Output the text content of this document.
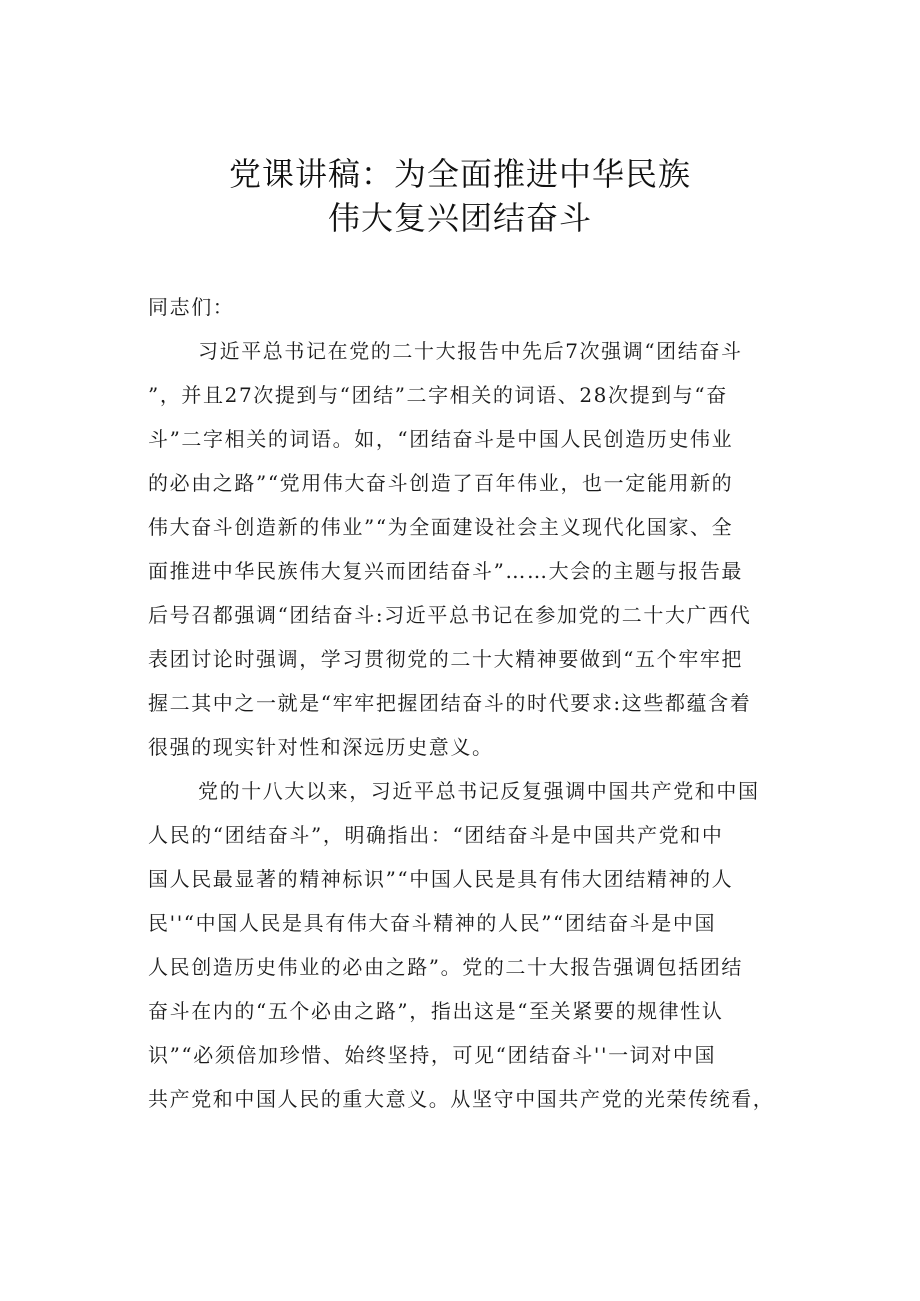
党课讲稿：为全面推进中华民族
伟大复兴团结奋斗
同志们：
习近平总书记在党的二十大报告中先后7次强调“团结奋斗
”，并且27次提到与“团结”二字相关的词语、28次提到与“奋
斗”二字相关的词语。如，“团结奋斗是中国人民创造历史伟业
的必由之路”“党用伟大奋斗创造了百年伟业，也一定能用新的
伟大奋斗创造新的伟业”“为全面建设社会主义现代化国家、全
面推进中华民族伟大复兴而团结奋斗”……大会的主题与报告最
后号召都强调“团结奋斗:习近平总书记在参加党的二十大广西代
表团讨论时强调，学习贯彻党的二十大精神要做到“五个牢牢把
握二其中之一就是“牢牢把握团结奋斗的时代要求:这些都蕴含着
很强的现实针对性和深远历史意义。
党的十八大以来，习近平总书记反复强调中国共产党和中国
人民的“团结奋斗”，明确指出：“团结奋斗是中国共产党和中
国人民最显著的精神标识”“中国人民是具有伟大团结精神的人
民''“中国人民是具有伟大奋斗精神的人民”“团结奋斗是中国
人民创造历史伟业的必由之路”。党的二十大报告强调包括团结
奋斗在内的“五个必由之路”，指出这是“至关紧要的规律性认
识”“必须倍加珍惜、始终坚持，可见“团结奋斗''一词对中国
共产党和中国人民的重大意义。从坚守中国共产党的光荣传统看，
